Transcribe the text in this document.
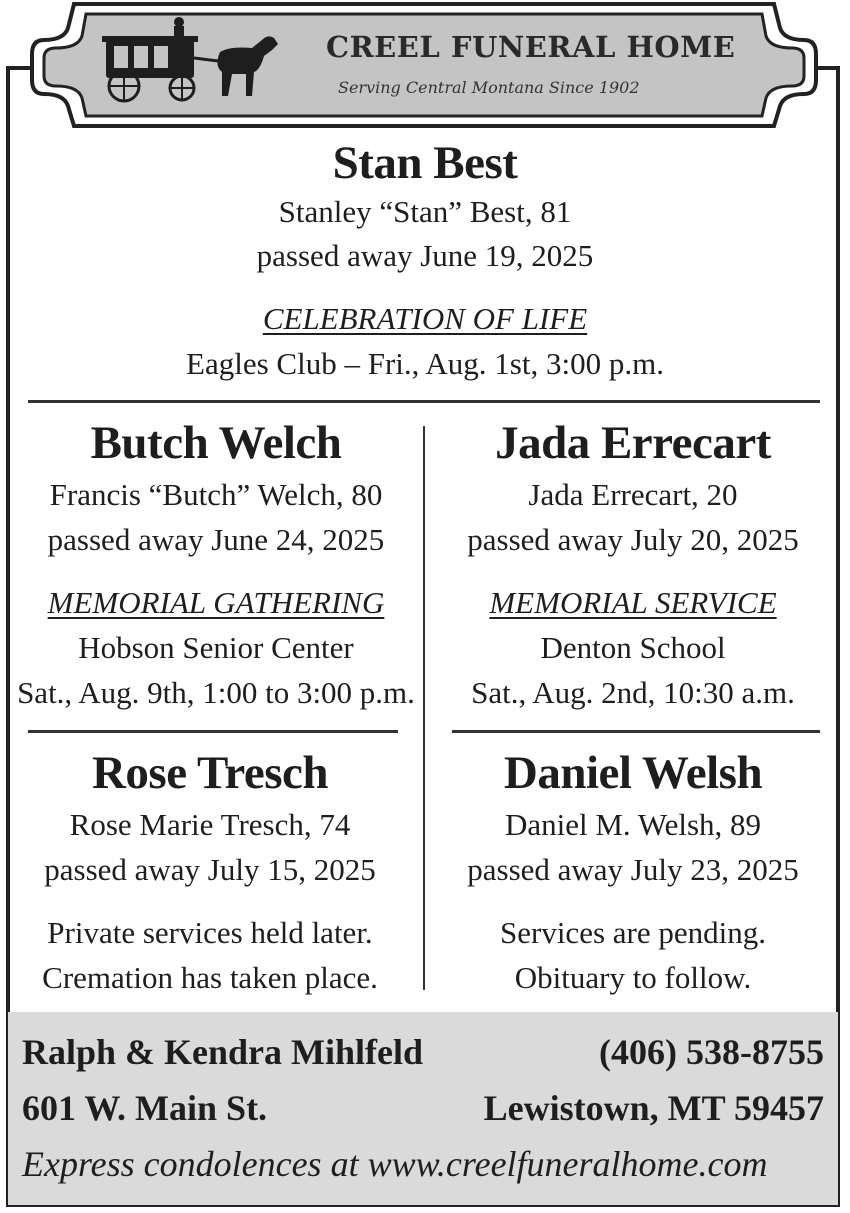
CREEL FUNERAL HOME
Serving Central Montana Since 1902
Stan Best
Stanley “Stan” Best, 81
passed away June 19, 2025
CELEBRATION OF LIFE
Eagles Club – Fri., Aug. 1st, 3:00 p.m.
Butch Welch
Francis “Butch” Welch, 80
passed away June 24, 2025
MEMORIAL GATHERING
Hobson Senior Center
Sat., Aug. 9th, 1:00 to 3:00 p.m.
Jada Errecart
Jada Errecart, 20
passed away July 20, 2025
MEMORIAL SERVICE
Denton School
Sat., Aug. 2nd, 10:30 a.m.
Rose Tresch
Rose Marie Tresch, 74
passed away July 15, 2025
Private services held later.
Cremation has taken place.
Daniel Welsh
Daniel M. Welsh, 89
passed away July 23, 2025
Services are pending.
Obituary to follow.
Ralph & Kendra Mihlfeld	(406) 538-8755
601 W. Main St.	Lewistown, MT 59457
Express condolences at www.creelfuneralhome.com
